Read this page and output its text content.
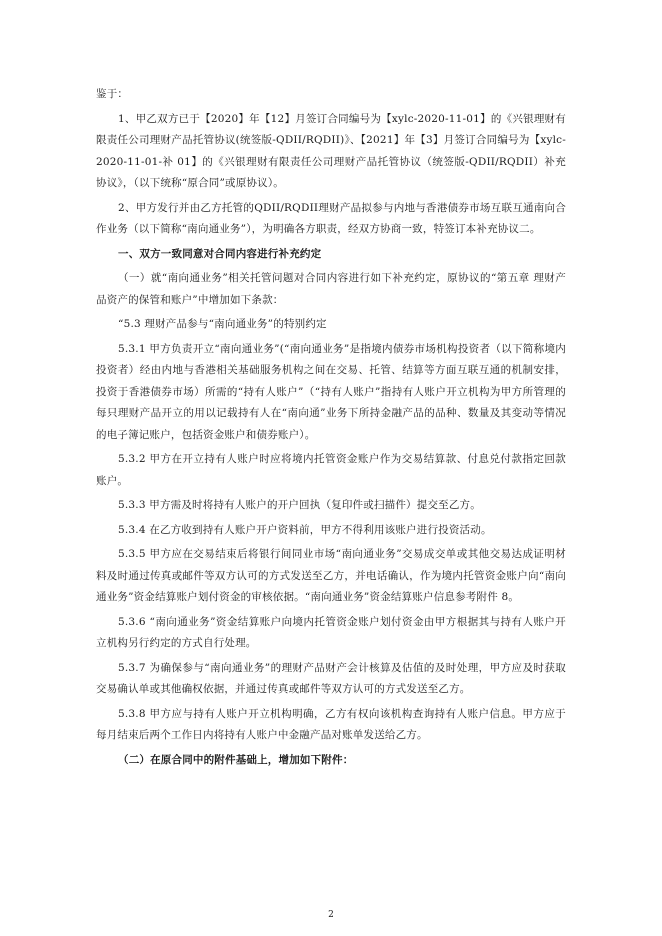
鉴于：

1、甲乙双方已于【2020】年【12】月签订合同编号为【xylc-2020-11-01】的《兴银理财有限责任公司理财产品托管协议(统签版-QDII/RQDII)》、【2021】年【3】月签订合同编号为【xylc-2020-11-01-补 01】的《兴银理财有限责任公司理财产品托管协议（统签版-QDII/RQDII）补充协议》，（以下统称“原合同”或原协议）。

2、甲方发行并由乙方托管的QDII/RQDII理财产品拟参与内地与香港债券市场互联互通南向合作业务（以下简称“南向通业务”），为明确各方职责，经双方协商一致，特签订本补充协议二。

一、双方一致同意对合同内容进行补充约定

（一）就“南向通业务”相关托管问题对合同内容进行如下补充约定，原协议的“第五章 理财产品资产的保管和账户”中增加如下条款：

“5.3 理财产品参与“南向通业务”的特别约定

5.3.1 甲方负责开立“南向通业务”(“南向通业务”是指境内债券市场机构投资者（以下简称境内投资者）经由内地与香港相关基础服务机构之间在交易、托管、结算等方面互联互通的机制安排，投资于香港债券市场）所需的“持有人账户”（“持有人账户”指持有人账户开立机构为甲方所管理的每只理财产品开立的用以记载持有人在“南向通”业务下所持金融产品的品种、数量及其变动等情况的电子簿记账户，包括资金账户和债券账户）。

5.3.2 甲方在开立持有人账户时应将境内托管资金账户作为交易结算款、付息兑付款指定回款账户。

5.3.3 甲方需及时将持有人账户的开户回执（复印件或扫描件）提交至乙方。

5.3.4 在乙方收到持有人账户开户资料前，甲方不得利用该账户进行投资活动。

5.3.5 甲方应在交易结束后将银行间同业市场“南向通业务”交易成交单或其他交易达成证明材料及时通过传真或邮件等双方认可的方式发送至乙方，并电话确认，作为境内托管资金账户向“南向通业务”资金结算账户划付资金的审核依据。“南向通业务”资金结算账户信息参考附件 8。

5.3.6 “南向通业务”资金结算账户向境内托管资金账户划付资金由甲方根据其与持有人账户开立机构另行约定的方式自行处理。

5.3.7 为确保参与“南向通业务”的理财产品财产会计核算及估值的及时处理，甲方应及时获取交易确认单或其他确权依据，并通过传真或邮件等双方认可的方式发送至乙方。

5.3.8 甲方应与持有人账户开立机构明确，乙方有权向该机构查询持有人账户信息。甲方应于每月结束后两个工作日内将持有人账户中金融产品对账单发送给乙方。

（二）在原合同中的附件基础上，增加如下附件：

2
